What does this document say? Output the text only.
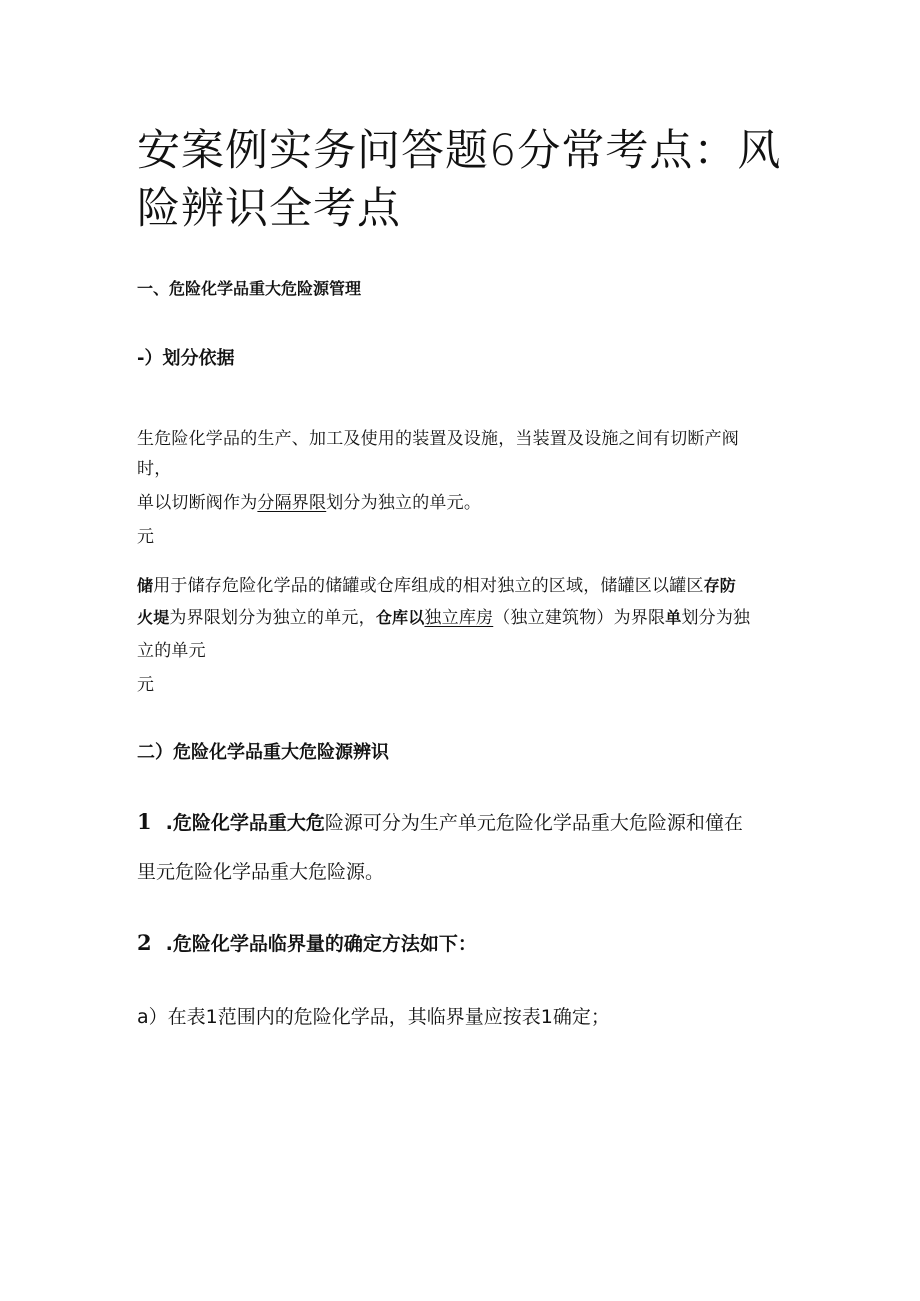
安案例实务问答题6分常考点：风险辨识全考点
一、危险化学品重大危险源管理
-）划分依据
生危险化学品的生产、加工及使用的装置及设施，当装置及设施之间有切断产阀
时，
单以切断阀作为分隔界限划分为独立的单元。
元
储用于储存危险化学品的储罐或仓库组成的相对独立的区域，储罐区以罐区存防
火堤为界限划分为独立的单元，仓库以独立库房（独立建筑物）为界限单划分为独
立的单元
元
二）危险化学品重大危险源辨识
1 .危险化学品重大危险源可分为生产单元危险化学品重大危险源和僮在
里元危险化学品重大危险源。
2 .危险化学品临界量的确定方法如下：
a）在表1范围内的危险化学品，其临界量应按表1确定；
